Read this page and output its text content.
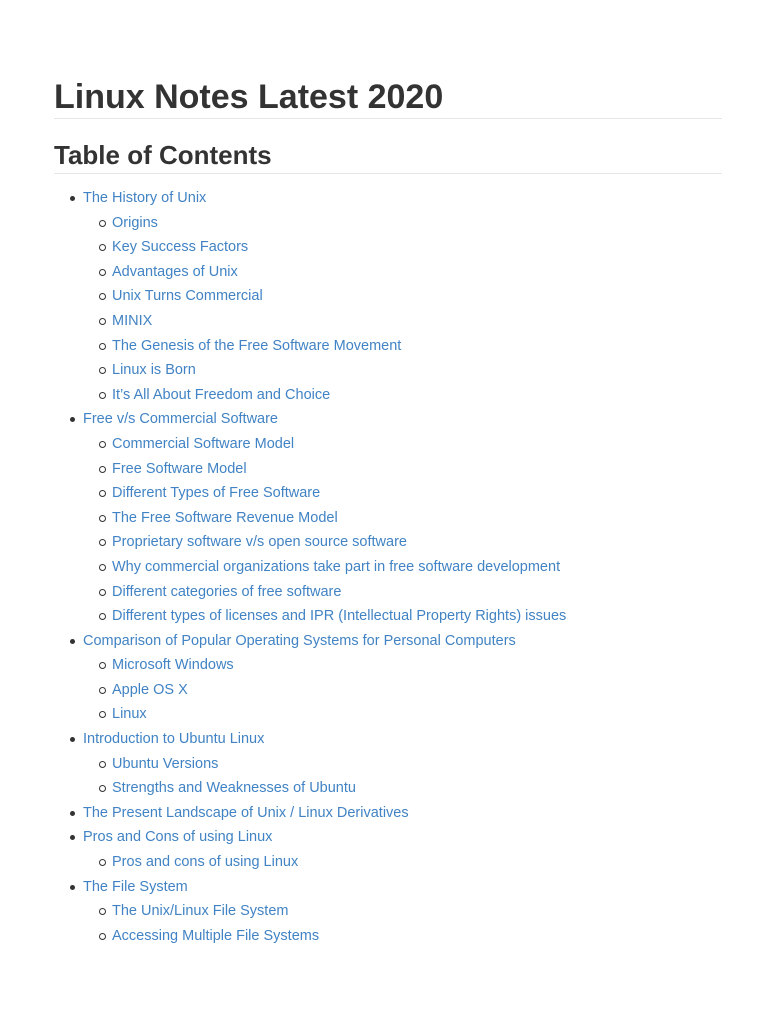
Linux Notes Latest 2020
Table of Contents
The History of Unix
Origins
Key Success Factors
Advantages of Unix
Unix Turns Commercial
MINIX
The Genesis of the Free Software Movement
Linux is Born
It’s All About Freedom and Choice
Free v/s Commercial Software
Commercial Software Model
Free Software Model
Different Types of Free Software
The Free Software Revenue Model
Proprietary software v/s open source software
Why commercial organizations take part in free software development
Different categories of free software
Different types of licenses and IPR (Intellectual Property Rights) issues
Comparison of Popular Operating Systems for Personal Computers
Microsoft Windows
Apple OS X
Linux
Introduction to Ubuntu Linux
Ubuntu Versions
Strengths and Weaknesses of Ubuntu
The Present Landscape of Unix / Linux Derivatives
Pros and Cons of using Linux
Pros and cons of using Linux
The File System
The Unix/Linux File System
Accessing Multiple File Systems
